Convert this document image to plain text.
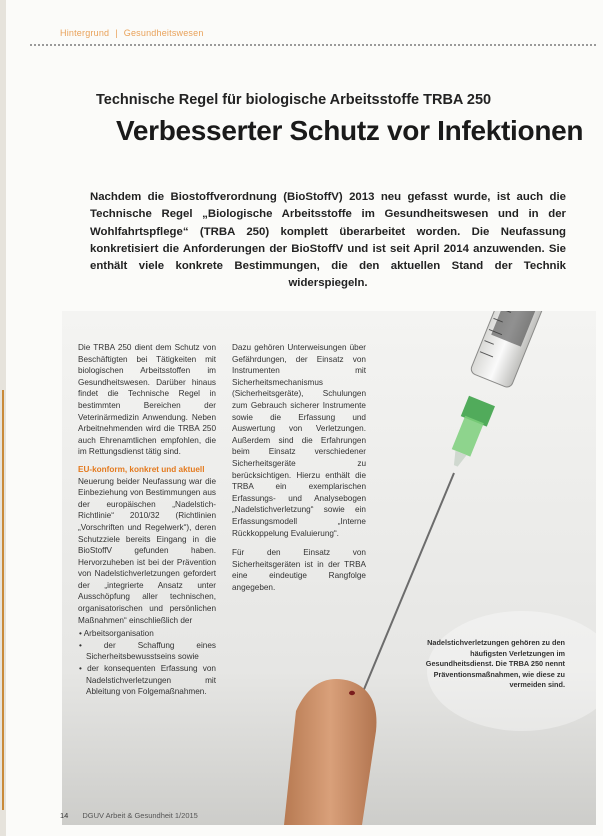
Hintergrund | Gesundheitswesen
Technische Regel für biologische Arbeitsstoffe TRBA 250
Verbesserter Schutz vor Infektionen
Nachdem die Biostoffverordnung (BioStoffV) 2013 neu gefasst wurde, ist auch die Technische Regel „Biologische Arbeitsstoffe im Gesundheitswesen und in der Wohlfahrtspflege“ (TRBA 250) komplett überarbeitet worden. Die Neufassung konkretisiert die Anforderungen der BioStoffV und ist seit April 2014 anzuwenden. Sie enthält viele konkrete Bestimmungen, die den aktuellen Stand der Technik widerspiegeln.

Die TRBA 250 dient dem Schutz von Beschäftigten bei Tätigkeiten mit biologischen Arbeitsstoffen im Gesundheitswesen. Darüber hinaus findet die Technische Regel in bestimmten Bereichen der Veterinärmedizin Anwendung. Neben Arbeitnehmenden wird die TRBA 250 auch Ehrenamtlichen empfohlen, die im Rettungsdienst tätig sind.

EU-konform, konkret und aktuell

Neuerung beider Neufassung war die Einbeziehung von Bestimmungen aus der europäischen „Nadelstich-Richtlinie“ 2010/32 (Richtlinien „Vorschriften und Regelwerk“), deren Schutzziele bereits Eingang in die BioStoffV gefunden haben. Hervorzuheben ist bei der Prävention von Nadelstichverletzungen gefordert der „integrierte Ansatz unter Ausschöpfung aller technischen, organisatorischen und persönlichen Maßnahmen“ einschließlich der

• Arbeitsorganisation
• der Schaffung eines Sicherheitsbewusstseins sowie
• der konsequenten Erfassung von Nadelstichverletzungen mit Ableitung von Folgemaßnahmen.

Dazu gehören Unterweisungen über Gefährdungen, der Einsatz von Instrumenten mit Sicherheitsmechanismus (Sicherheitsgeräte), Schulungen zum Gebrauch sicherer Instrumente sowie die Erfassung und Auswertung von Verletzungen. Außerdem sind die Erfahrungen beim Einsatz verschiedener Sicherheitsgeräte zu berücksichtigen. Hierzu enthält die TRBA ein exemplarischen Erfassungs- und Analysebogen „Nadelstichverletzung“ sowie ein Erfassungsmodell „Interne Rückkoppelung Evaluierung“.

Für den Einsatz von Sicherheitsgeräten ist in der TRBA eine eindeutige Rangfolge angegeben.

Nadelstichverletzungen gehören zu den häufigsten Verletzungen im Gesundheitsdienst. Die TRBA 250 nennt Präventionsmaßnahmen, wie diese zu vermeiden sind.
14 DGUV Arbeit & Gesundheit 1/2015
